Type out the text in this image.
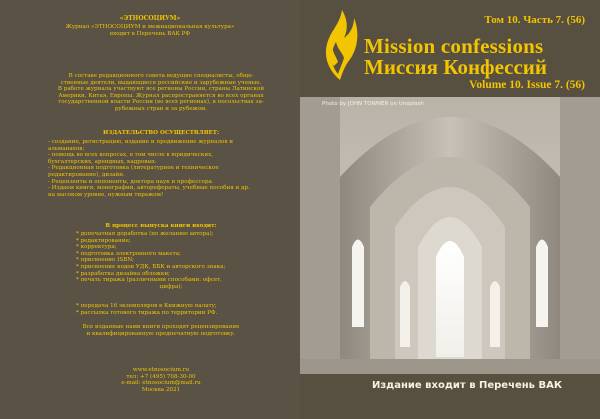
«ЭТНОСОЦИУМ»

Журнал «ЭТНОСОЦИУМ и межнациональная культура»

входит в Перечень ВАК РФ

В составе редакционного совета ведущие специалисты, обще-

ственные деятели, выдающиеся российские и зарубежные ученые.

В работе журнала участвуют все регионы России, страны Латинской

Америки, Китая, Европы. Журнал распространяется во всех органах

государственной власти России (во всех регионах), в посольствах за-

рубежных стран и за рубежом.

ИЗДАТЕЛЬСТВО ОСУЩЕСТВЛЯЕТ:

- создание, регистрацию, издание и продвижение журналов и

альманахов;

- помощь во всех вопросах, в том числе в юридических,

бухгалтерских, арендных, кадровых.

- Редакционная подготовка (литературное и техническое

редактирование), дизайн.

- Рецензенты и оппоненты, доктора наук и профессора.

- Издаем книги, монографии, авторефераты, учебные пособия и др.

на высоком уровне, нужным тиражом!

В процесс выпуска книги входит:

* допечатная доработка (по желанию автора);

* редактирование;

* корректура;

* подготовка электронного макета;

* присвоение ISBN;

* присвоение кодов УДК, ББК и авторского знака;

* разработка дизайна обложки;

* печать тиража (различными способами: офсет,

цифра);

* передача 16 экземпляров в Книжную палату;

* рассылка готового тиража по территории РФ.

Все изданные нами книги проходят рецензирование

и квалифицированную предпечатную подготовку.

www.etnosocium.ru

тел: +7 (495) 708-30-00

e-mail: etnosocium@mail.ru

Москва 2021

Том 10. Часть 7. (56)
Mission confessions
Миссия Конфессий
Volume 10. Issue 7. (56)
Photo by JOHN TOWNER on Unsplash
Издание входит в Перечень ВАК
